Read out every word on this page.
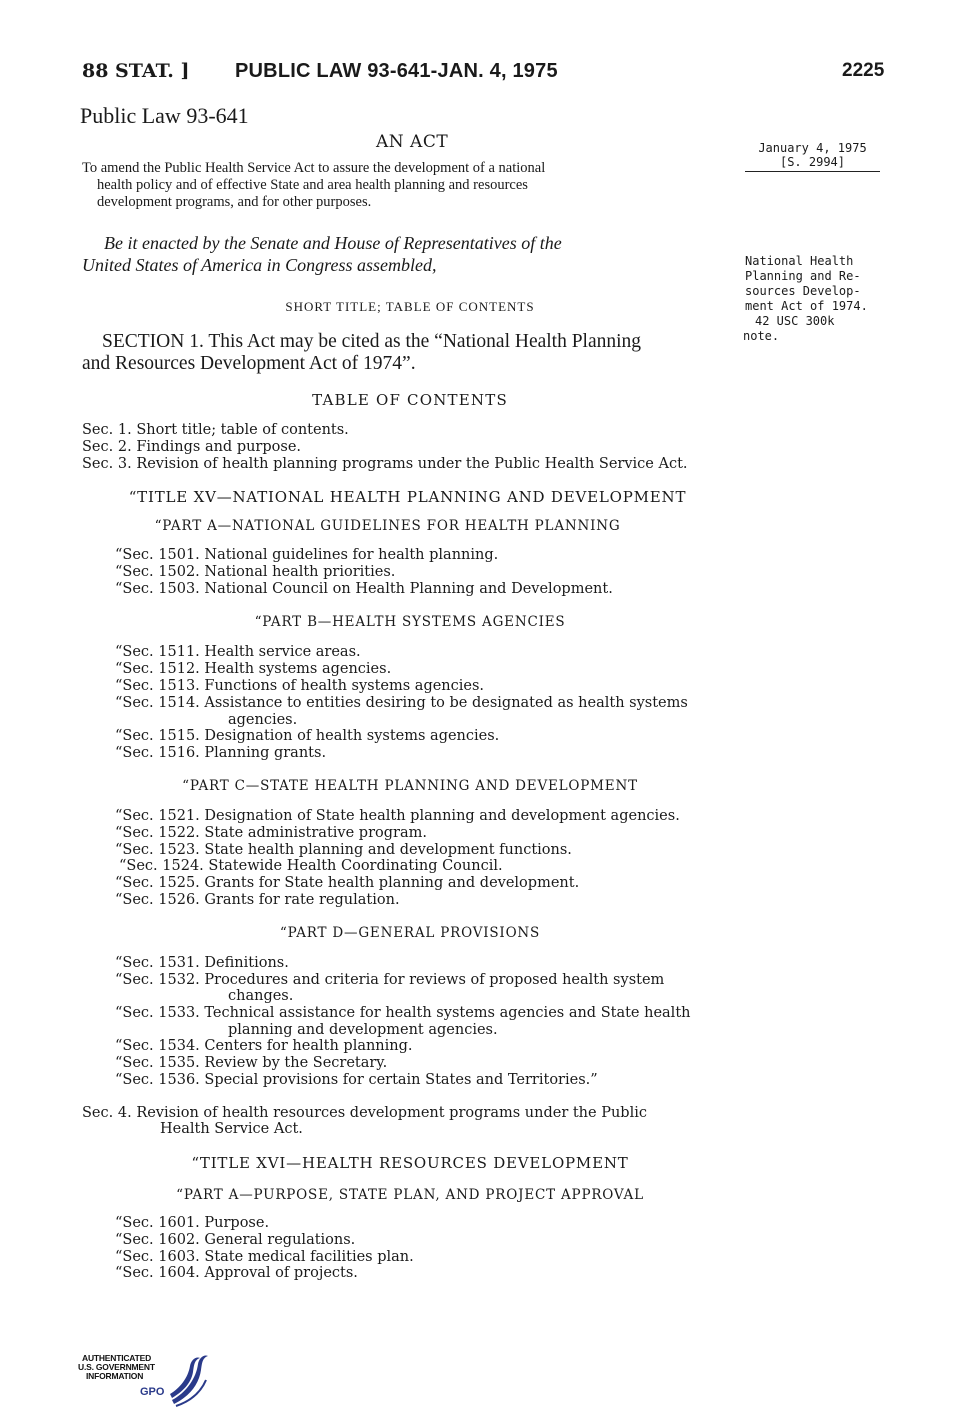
88 STAT. ] PUBLIC LAW 93-641-JAN. 4, 1975	2225
Public Law 93-641
AN ACT

To amend the Public Health Service Act to assure the development of a national

health policy and of effective State and area health planning and resources

development programs, and for other purposes.

Be it enacted by the Senate and House of Representatives of the

United States of America in Congress assembled,

January 4, 1975
[S. 2994]
National Health
Planning and Re-
sources Develop-
ment Act of 1974.
42 USC 300k
note.
SHORT TITLE; TABLE OF CONTENTS

SECTION 1. This Act may be cited as the “National Health Planning

and Resources Development Act of 1974”.

TABLE OF CONTENTS
Sec. 1. Short title; table of contents.
Sec. 2. Findings and purpose.
Sec. 3. Revision of health planning programs under the Public Health Service Act.
“TITLE XV—NATIONAL HEALTH PLANNING AND DEVELOPMENT
“PART A—NATIONAL GUIDELINES FOR HEALTH PLANNING
“Sec. 1501. National guidelines for health planning.
“Sec. 1502. National health priorities.
“Sec. 1503. National Council on Health Planning and Development.
“PART B—HEALTH SYSTEMS AGENCIES
“Sec. 1511. Health service areas.
“Sec. 1512. Health systems agencies.
“Sec. 1513. Functions of health systems agencies.
“Sec. 1514. Assistance to entities desiring to be designated as health systems
agencies.
“Sec. 1515. Designation of health systems agencies.
“Sec. 1516. Planning grants.
“PART C—STATE HEALTH PLANNING AND DEVELOPMENT
“Sec. 1521. Designation of State health planning and development agencies.
“Sec. 1522. State administrative program.
“Sec. 1523. State health planning and development functions.
“Sec. 1524. Statewide Health Coordinating Council.
“Sec. 1525. Grants for State health planning and development.
“Sec. 1526. Grants for rate regulation.
“PART D—GENERAL PROVISIONS
“Sec. 1531. Definitions.
“Sec. 1532. Procedures and criteria for reviews of proposed health system
changes.
“Sec. 1533. Technical assistance for health systems agencies and State health
planning and development agencies.
“Sec. 1534. Centers for health planning.
“Sec. 1535. Review by the Secretary.
“Sec. 1536. Special provisions for certain States and Territories.”
Sec. 4. Revision of health resources development programs under the Public
Health Service Act.
“TITLE XVI—HEALTH RESOURCES DEVELOPMENT
“PART A—PURPOSE, STATE PLAN, AND PROJECT APPROVAL
“Sec. 1601. Purpose.
“Sec. 1602. General regulations.
“Sec. 1603. State medical facilities plan.
“Sec. 1604. Approval of projects.
AUTHENTICATED
U.S. GOVERNMENT
INFORMATION
GPO
